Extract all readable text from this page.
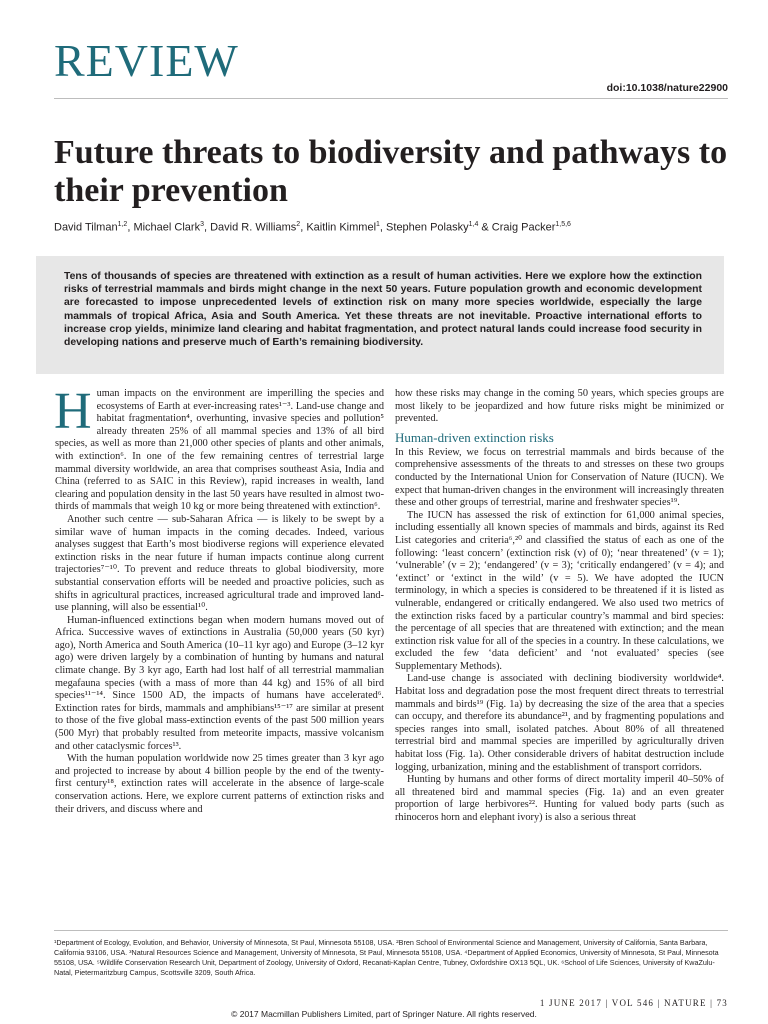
REVIEW
doi:10.1038/nature22900
Future threats to biodiversity and pathways to their prevention
David Tilman$^{1,2}$, Michael Clark$^3$, David R. Williams$^2$, Kaitlin Kimmel$^1$, Stephen Polasky$^{1,4}$ & Craig Packer$^{1,5,6}$

Tens of thousands of species are threatened with extinction as a result of human activities. Here we explore how the extinction risks of terrestrial mammals and birds might change in the next 50 years. Future population growth and economic development are forecasted to impose unprecedented levels of extinction risk on many more species worldwide, especially the large mammals of tropical Africa, Asia and South America. Yet these threats are not inevitable. Proactive international efforts to increase crop yields, minimize land clearing and habitat fragmentation, and protect natural lands could increase food security in developing nations and preserve much of Earth’s remaining biodiversity.

Human impacts on the environment are imperilling the species and ecosystems of Earth at ever-increasing rates¹⁻³. Land-use change and habitat fragmentation⁴, overhunting, invasive species and pollution⁵ already threaten 25% of all mammal species and 13% of all bird species, as well as more than 21,000 other species of plants and other animals, with extinction⁶. In one of the few remaining centres of terrestrial large mammal diversity worldwide, an area that comprises southeast Asia, India and China (referred to as SAIC in this Review), rapid increases in wealth, land clearing and population density in the last 50 years have resulted in almost two-thirds of mammals that weigh 10 kg or more being threatened with extinction⁶.

Another such centre — sub-Saharan Africa — is likely to be swept by a similar wave of human impacts in the coming decades. Indeed, various analyses suggest that Earth’s most biodiverse regions will experience elevated extinction risks in the near future if human impacts continue along current trajectories⁷⁻¹⁰. To prevent and reduce threats to global biodiversity, more substantial conservation efforts will be needed and proactive policies, such as shifts in agricultural practices, increased agricultural trade and improved land-use planning, will also be essential¹⁰.

Human-influenced extinctions began when modern humans moved out of Africa. Successive waves of extinctions in Australia (50,000 years (50 kyr) ago), North America and South America (10–11 kyr ago) and Europe (3–12 kyr ago) were driven largely by a combination of hunting by humans and natural climate change. By 3 kyr ago, Earth had lost half of all terrestrial mammalian megafauna species (with a mass of more than 44 kg) and 15% of all bird species¹¹⁻¹⁴. Since 1500 AD, the impacts of humans have accelerated⁶. Extinction rates for birds, mammals and amphibians¹⁵⁻¹⁷ are similar at present to those of the five global mass-extinction events of the past 500 million years (500 Myr) that probably resulted from meteorite impacts, massive volcanism and other cataclysmic forces¹³.

With the human population worldwide now 25 times greater than 3 kyr ago and projected to increase by about 4 billion people by the end of the twenty-first century¹⁸, extinction rates will accelerate in the absence of large-scale conservation actions. Here, we explore current patterns of extinction risks and their drivers, and discuss where and

how these risks may change in the coming 50 years, which species groups are most likely to be jeopardized and how future risks might be minimized or prevented.

Human-driven extinction risks

In this Review, we focus on terrestrial mammals and birds because of the comprehensive assessments of the threats to and stresses on these two groups conducted by the International Union for Conservation of Nature (IUCN). We expect that human-driven changes in the environment will increasingly threaten these and other groups of terrestrial, marine and freshwater species¹⁹.

The IUCN has assessed the risk of extinction for 61,000 animal species, including essentially all known species of mammals and birds, against its Red List categories and criteria⁶,²⁰ and classified the status of each as one of the following: ‘least concern’ (extinction risk (v) of 0); ‘near threatened’ (v = 1); ‘vulnerable’ (v = 2); ‘endangered’ (v = 3); ‘critically endangered’ (v = 4); and ‘extinct’ or ‘extinct in the wild’ (v = 5). We have adopted the IUCN terminology, in which a species is considered to be threatened if it is listed as vulnerable, endangered or critically endangered. We also used two metrics of the extinction risks faced by a particular country’s mammal and bird species: the percentage of all species that are threatened with extinction; and the mean extinction risk value for all of the species in a country. In these calculations, we excluded the few ‘data deficient’ and ‘not evaluated’ species (see Supplementary Methods).

Land-use change is associated with declining biodiversity worldwide⁴. Habitat loss and degradation pose the most frequent direct threats to terrestrial mammals and birds¹⁹ (Fig. 1a) by decreasing the size of the area that a species can occupy, and therefore its abundance²¹, and by fragmenting populations and species ranges into small, isolated patches. About 80% of all threatened terrestrial bird and mammal species are imperilled by agriculturally driven habitat loss (Fig. 1a). Other considerable drivers of habitat destruction include logging, urbanization, mining and the establishment of transport corridors.

Hunting by humans and other forms of direct mortality imperil 40–50% of all threatened bird and mammal species (Fig. 1a) and an even greater proportion of large herbivores²². Hunting for valued body parts (such as rhinoceros horn and elephant ivory) is also a serious threat

¹Department of Ecology, Evolution, and Behavior, University of Minnesota, St Paul, Minnesota 55108, USA. ²Bren School of Environmental Science and Management, University of California, Santa Barbara, California 93106, USA. ³Natural Resources Science and Management, University of Minnesota, St Paul, Minnesota 55108, USA. ⁴Department of Applied Economics, University of Minnesota, St Paul, Minnesota 55108, USA. ⁵Wildlife Conservation Research Unit, Department of Zoology, University of Oxford, Recanati-Kaplan Centre, Tubney, Oxfordshire OX13 5QL, UK. ⁶School of Life Sciences, University of KwaZulu-Natal, Pietermaritzburg Campus, Scottsville 3209, South Africa.
1 JUNE 2017 | VOL 546 | NATURE | 73
© 2017 Macmillan Publishers Limited, part of Springer Nature. All rights reserved.
